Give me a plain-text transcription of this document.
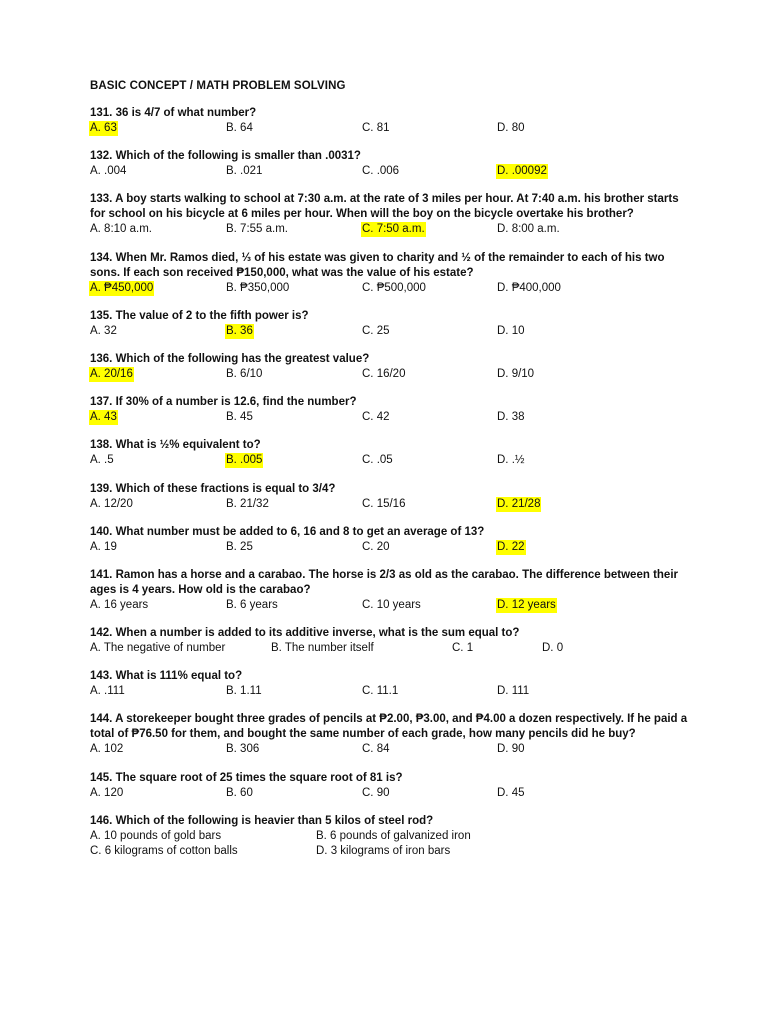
BASIC CONCEPT / MATH PROBLEM SOLVING
131. 36 is 4/7 of what number?
A. 63	B. 64	C. 81	D. 80
132. Which of the following is smaller than .0031?
A. .004	B. .021	C. .006	D. .00092
133. A boy starts walking to school at 7:30 a.m. at the rate of 3 miles per hour. At 7:40 a.m. his brother starts for school on his bicycle at 6 miles per hour. When will the boy on the bicycle overtake his brother?
A. 8:10 a.m.	B. 7:55 a.m.	C. 7:50 a.m.	D. 8:00 a.m.
134. When Mr. Ramos died, ⅓ of his estate was given to charity and ½ of the remainder to each of his two sons. If each son received ₱150,000, what was the value of his estate?
A. ₱450,000	B. ₱350,000	C. ₱500,000	D. ₱400,000
135. The value of 2 to the fifth power is?
A. 32	B. 36	C. 25	D. 10
136. Which of the following has the greatest value?
A. 20/16	B. 6/10	C. 16/20	D. 9/10
137. If 30% of a number is 12.6, find the number?
A. 43	B. 45	C. 42	D. 38
138. What is ½% equivalent to?
A. .5	B. .005	C. .05	D. .½
139. Which of these fractions is equal to 3/4?
A. 12/20	B. 21/32	C. 15/16	D. 21/28
140. What number must be added to 6, 16 and 8 to get an average of 13?
A. 19	B. 25	C. 20	D. 22
141. Ramon has a horse and a carabao. The horse is 2/3 as old as the carabao. The difference between their ages is 4 years. How old is the carabao?
A. 16 years	B. 6 years	C. 10 years	D. 12 years
142. When a number is added to its additive inverse, what is the sum equal to?
A. The negative of number	B. The number itself	C. 1	D. 0
143. What is 111% equal to?
A. .111	B. 1.11	C. 11.1	D. 111
144. A storekeeper bought three grades of pencils at ₱2.00, ₱3.00, and ₱4.00 a dozen respectively. If he paid a total of ₱76.50 for them, and bought the same number of each grade, how many pencils did he buy?
A. 102	B. 306	C. 84	D. 90
145. The square root of 25 times the square root of 81 is?
A. 120	B. 60	C. 90	D. 45
146. Which of the following is heavier than 5 kilos of steel rod?
A. 10 pounds of gold bars	B. 6 pounds of galvanized iron
C. 6 kilograms of cotton balls	D. 3 kilograms of iron bars
